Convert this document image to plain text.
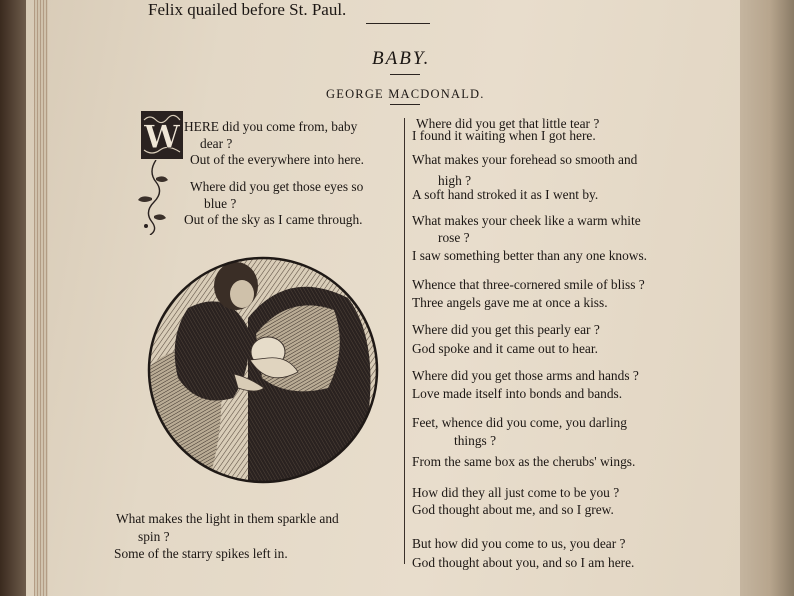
Felix quailed before St. Paul.
BABY.
GEORGE MACDONALD.
W HERE did you come from, baby
dear ?
Out of the everywhere into here.
Where did you get those eyes so
blue ?
Out of the sky as I came through.
What makes the light in them sparkle and
spin ?
Some of the starry spikes left in.
Where did you get that little tear ?
I found it waiting when I got here.
What makes your forehead so smooth and
high ?
A soft hand stroked it as I went by.
What makes your cheek like a warm white
rose ?
I saw something better than any one knows.
Whence that three-cornered smile of bliss ?
Three angels gave me at once a kiss.
Where did you get this pearly ear ?
God spoke and it came out to hear.
Where did you get those arms and hands ?
Love made itself into bonds and bands.
Feet, whence did you come, you darling
things ?
From the same box as the cherubs' wings.
How did they all just come to be you ?
God thought about me, and so I grew.
But how did you come to us, you dear ?
God thought about you, and so I am here.
